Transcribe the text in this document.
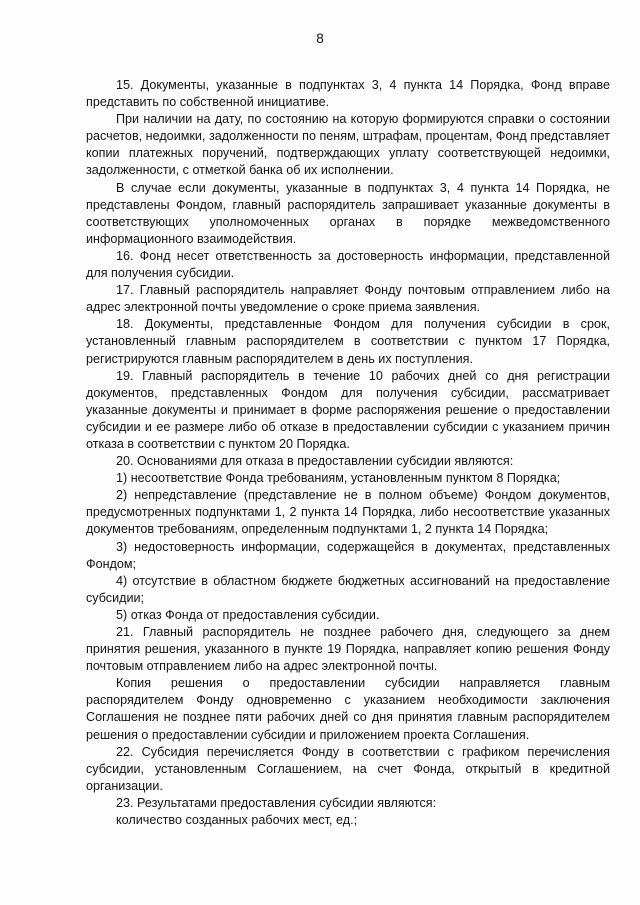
8

15. Документы, указанные в подпунктах 3, 4 пункта 14 Порядка, Фонд вправе представить по собственной инициативе.

При наличии на дату, по состоянию на которую формируются справки о состоянии расчетов, недоимки, задолженности по пеням, штрафам, процентам, Фонд представляет копии платежных поручений, подтверждающих уплату соответствующей недоимки, задолженности, с отметкой банка об их исполнении.

В случае если документы, указанные в подпунктах 3, 4 пункта 14 Порядка, не представлены Фондом, главный распорядитель запрашивает указанные документы в соответствующих уполномоченных органах в порядке межведомственного информационного взаимодействия.

16. Фонд несет ответственность за достоверность информации, представленной для получения субсидии.

17. Главный распорядитель направляет Фонду почтовым отправлением либо на адрес электронной почты уведомление о сроке приема заявления.

18. Документы, представленные Фондом для получения субсидии в срок, установленный главным распорядителем в соответствии с пунктом 17 Порядка, регистрируются главным распорядителем в день их поступления.

19. Главный распорядитель в течение 10 рабочих дней со дня регистрации документов, представленных Фондом для получения субсидии, рассматривает указанные документы и принимает в форме распоряжения решение о предоставлении субсидии и ее размере либо об отказе в предоставлении субсидии с указанием причин отказа в соответствии с пунктом 20 Порядка.

20. Основаниями для отказа в предоставлении субсидии являются:

1) несоответствие Фонда требованиям, установленным пунктом 8 Порядка;

2) непредставление (представление не в полном объеме) Фондом документов, предусмотренных подпунктами 1, 2 пункта 14 Порядка, либо несоответствие указанных документов требованиям, определенным подпунктами 1, 2 пункта 14 Порядка;

3) недостоверность информации, содержащейся в документах, представленных Фондом;

4) отсутствие в областном бюджете бюджетных ассигнований на предоставление субсидии;

5) отказ Фонда от предоставления субсидии.

21. Главный распорядитель не позднее рабочего дня, следующего за днем принятия решения, указанного в пункте 19 Порядка, направляет копию решения Фонду почтовым отправлением либо на адрес электронной почты.

Копия решения о предоставлении субсидии направляется главным распорядителем Фонду одновременно с указанием необходимости заключения Соглашения не позднее пяти рабочих дней со дня принятия главным распорядителем решения о предоставлении субсидии и приложением проекта Соглашения.

22. Субсидия перечисляется Фонду в соответствии с графиком перечисления субсидии, установленным Соглашением, на счет Фонда, открытый в кредитной организации.

23. Результатами предоставления субсидии являются:

количество созданных рабочих мест, ед.;
